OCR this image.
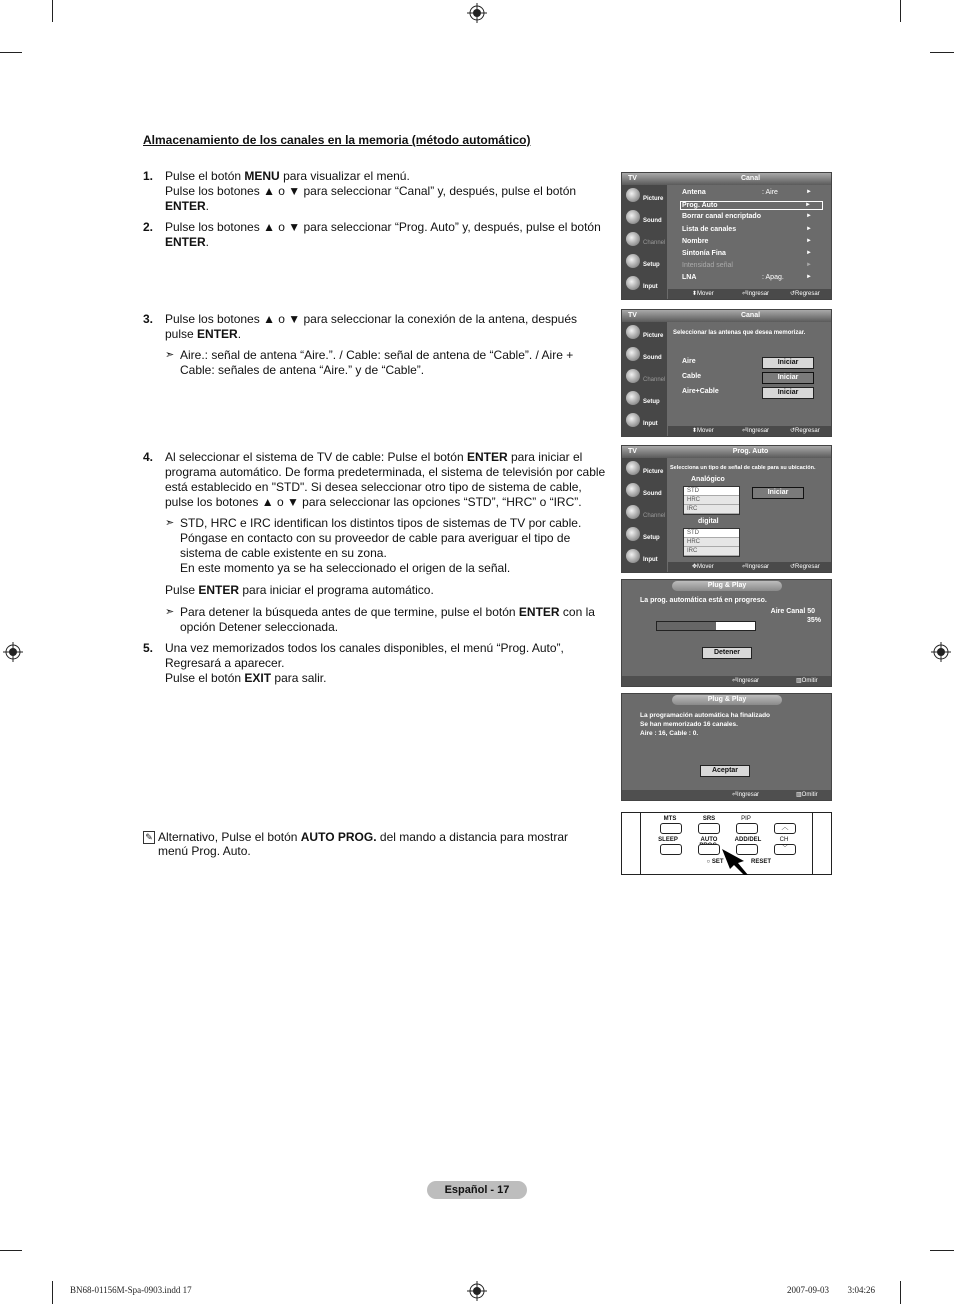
Almacenamiento de los canales en la memoria (método automático)
1. Pulse el botón MENU para visualizar el menú.
Pulse los botones ▲ o ▼ para seleccionar “Canal” y, después, pulse el botón ENTER.
2. Pulse los botones ▲ o ▼ para seleccionar “Prog. Auto” y, después, pulse el botón ENTER.
3. Pulse los botones ▲ o ▼ para seleccionar la conexión de la antena, después pulse ENTER.
➣ Aire.: señal de antena “Aire.”. / Cable: señal de antena de “Cable”. / Aire + Cable: señales de antena “Aire.” y de “Cable”.
4. Al seleccionar el sistema de TV de cable: Pulse el botón ENTER para iniciar el programa automático. De forma predeterminada, el sistema de televisión por cable está establecido en "STD". Si desea seleccionar otro tipo de sistema de cable, pulse los botones ▲ o ▼ para seleccionar las opciones “STD”, “HRC” o “IRC”.
➣ STD, HRC e IRC identifican los distintos tipos de sistemas de TV por cable. Póngase en contacto con su proveedor de cable para averiguar el tipo de sistema de cable existente en su zona.
En este momento ya se ha seleccionado el origen de la señal.
Pulse ENTER para iniciar el programa automático.
➣ Para detener la búsqueda antes de que termine, pulse el botón ENTER con la opción Detener seleccionada.
5. Una vez memorizados todos los canales disponibles, el menú “Prog. Auto”, Regresará a aparecer.
Pulse el botón EXIT para salir.
✎ Alternativo, Pulse el botón AUTO PROG. del mando a distancia para mostrar menú Prog. Auto.
TV	Canal
Picture
Sound
Channel
Setup
Input
Antena	: Aire	►
Prog. Auto	►
Borrar canal encriptado	►
Lista de canales	►
Nombre	►
Sintonía Fina	►
Intensidad señal	►
LNA	: Apag.	►
⬍ Mover	⏎ Ingresar	↺ Regresar
TV	Canal
Picture
Sound
Channel
Setup
Input
Seleccionar las antenas que desea memorizar.
Aire	Iniciar
Cable	Iniciar
Aire+Cable	Iniciar
⬍ Mover	⏎ Ingresar	↺ Regresar
TV	Prog. Auto
Picture
Sound
Channel
Setup
Input
Selecciona un tipo de señal de cable para su ubicación.
Analógico
STD
HRC
IRC
Iniciar
digital
STD
HRC
IRC
✥ Mover	⏎ Ingresar	↺ Regresar
Plug & Play
La prog. automática está en progreso.
Aire Canal 50
35%
Detener
⏎ Ingresar	▥ Omitir
Plug & Play
La programación automática ha finalizado
Se han memorizado 16 canales.
Aire : 16, Cable : 0.
Aceptar
⏎ Ingresar	▥ Omitir
MTS	SRS	PIP
︿
SLEEP	AUTO	ADD/DEL	CH
﹀
○ SET	RESET
Español - 17
BN68-01156M-Spa-0903.indd 17	2007-09-03 ￿￿ 3:04:26
